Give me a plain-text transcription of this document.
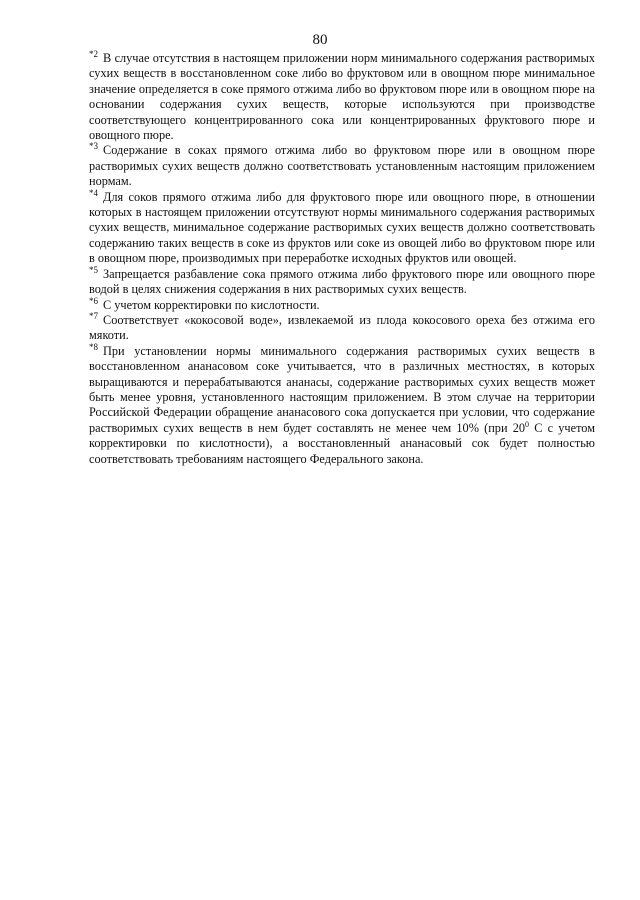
80

$^{*2}$ В случае отсутствия в настоящем приложении норм минимального содержания растворимых сухих веществ в восстановленном соке либо во фруктовом или в овощном пюре минимальное значение определяется в соке прямого отжима либо во фруктовом пюре или в овощном пюре на основании содержания сухих веществ, которые используются при производстве соответствующего концентрированного сока или концентрированных фруктового пюре и овощного пюре.

$^{*3}$ Содержание в соках прямого отжима либо во фруктовом пюре или в овощном пюре растворимых сухих веществ должно соответствовать установленным настоящим приложением нормам.

$^{*4}$ Для соков прямого отжима либо для фруктового пюре или овощного пюре, в отношении которых в настоящем приложении отсутствуют нормы минимального содержания растворимых сухих веществ, минимальное содержание растворимых сухих веществ должно соответствовать содержанию таких веществ в соке из фруктов или соке из овощей либо во фруктовом пюре или в овощном пюре, производимых при переработке исходных фруктов или овощей.

$^{*5}$ Запрещается разбавление сока прямого отжима либо фруктового пюре или овощного пюре водой в целях снижения содержания в них растворимых сухих веществ.

$^{*6}$ С учетом корректировки по кислотности.

$^{*7}$ Соответствует «кокосовой воде», извлекаемой из плода кокосового ореха без отжима его мякоти.

$^{*8}$ При установлении нормы минимального содержания растворимых сухих веществ в восстановленном ананасовом соке учитывается, что в различных местностях, в которых выращиваются и перерабатываются ананасы, содержание растворимых сухих веществ может быть менее уровня, установленного настоящим приложением. В этом случае на территории Российской Федерации обращение ананасового сока допускается при условии, что содержание растворимых сухих веществ в нем будет составлять не менее чем 10% (при $20^0$ С с учетом корректировки по кислотности), а восстановленный ананасовый сок будет полностью соответствовать требованиям настоящего Федерального закона.
